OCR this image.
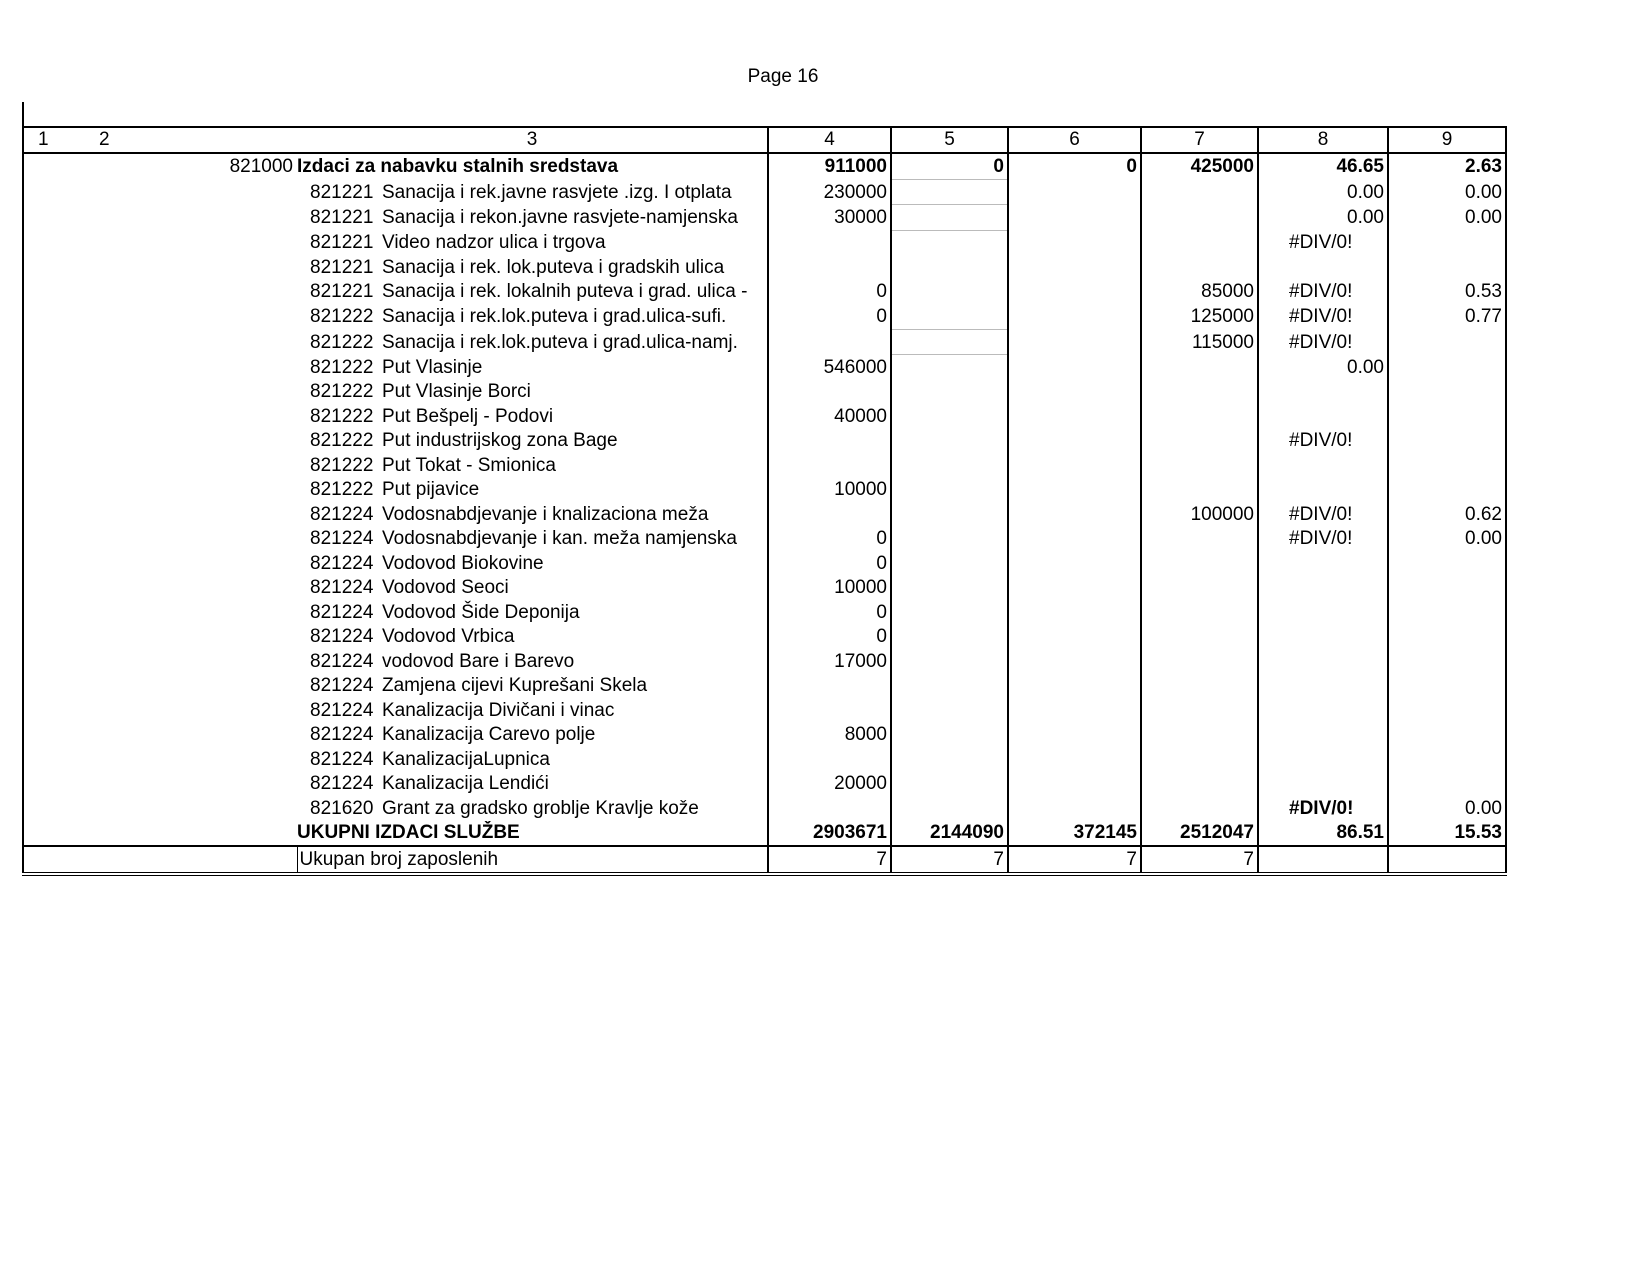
Page 16
1	2	3	4	5	6	7	8	9
821000		Izdaci za nabavku stalnih sredstava	911000	0	0	425000	46.65	2.63
		821221 Sanacija i rek.javne rasvjete .izg. I otplata	230000				0.00	0.00
		821221 Sanacija i rekon.javne rasvjete-namjenska	30000				0.00	0.00
		821221 Video nadzor ulica i trgova					#DIV/0!	
		821221 Sanacija i rek. lok.puteva i gradskih ulica						
		821221 Sanacija i rek. lokalnih puteva i grad. ulica -	0			85000	#DIV/0!	0.53
		821222 Sanacija i rek.lok.puteva i grad.ulica-sufi.	0			125000	#DIV/0!	0.77
		821222 Sanacija i rek.lok.puteva i grad.ulica-namj.				115000	#DIV/0!	
		821222 Put Vlasinje	546000				0.00	
		821222 Put Vlasinje Borci						
		821222 Put Bešpelj - Podovi	40000					
		821222 Put industrijskog zona Bage					#DIV/0!	
		821222 Put Tokat - Smionica						
		821222 Put pijavice	10000					
		821224 Vodosnabdjevanje i knalizaciona meža				100000	#DIV/0!	0.62
		821224 Vodosnabdjevanje i kan. meža namjenska	0				#DIV/0!	0.00
		821224 Vodovod Biokovine	0					
		821224 Vodovod Seoci	10000					
		821224 Vodovod Šide Deponija	0					
		821224 Vodovod Vrbica	0					
		821224 vodovod Bare i Barevo	17000					
		821224 Zamjena cijevi Kuprešani Skela						
		821224 Kanalizacija Divičani i vinac						
		821224 Kanalizacija Carevo polje	8000					
		821224 KanalizacijaLupnica						
		821224 Kanalizacija Lendići	20000					
		821620 Grant za gradsko groblje Kravlje kože					#DIV/0!	0.00
		UKUPNI IZDACI SLUŽBE	2903671	2144090	372145	2512047	86.51	15.53
		Ukupan broj zaposlenih	7	7	7	7		
